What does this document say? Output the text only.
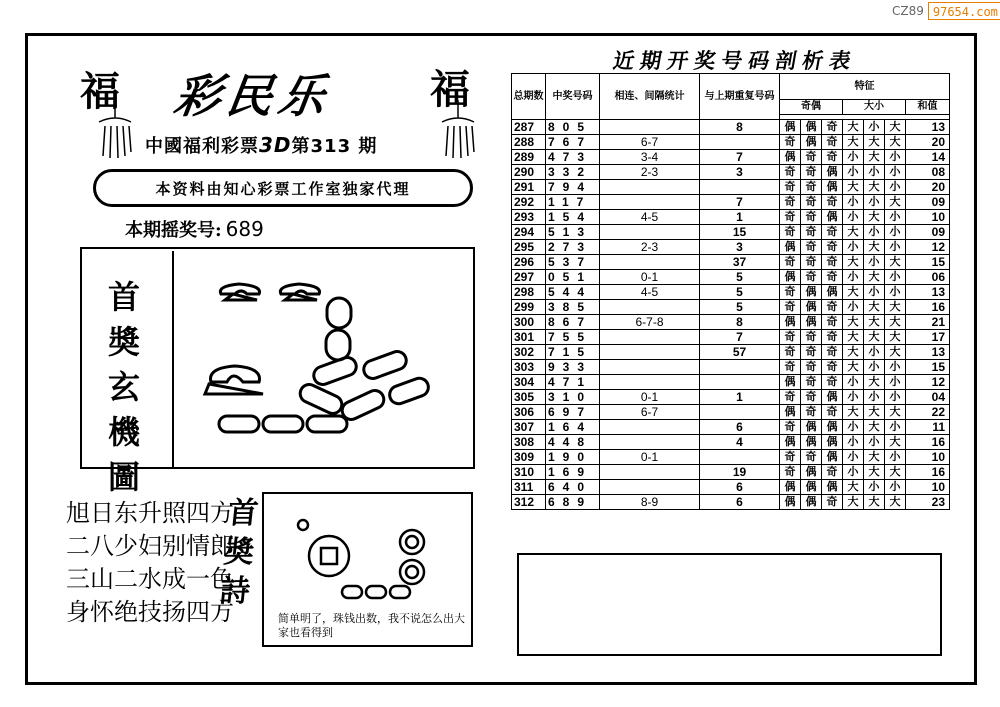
CZ89 97654.com
福	福
彩民乐
中國福利彩票3D第313 期
本资料由知心彩票工作室独家代理
本期摇奖号: 689
首
奬
玄
機
圖
旭日东升照四方
二八少妇别情郎
三山二水成一色
身怀绝技扬四方
首
奬
詩
简单明了，珠钱出数，我不说怎么出大家也看得到
近期开奖号码剖析表
总期数	中奖号码	相连、间隔统计	与上期重复号码	特征						
				奇偶			大小			和值

287	805		8	偶	偶	奇	大	小	大	13
288	767	6-7		奇	偶	奇	大	大	大	20
289	473	3-4	7	偶	奇	奇	小	大	小	14
290	332	2-3	3	奇	奇	偶	小	小	小	08
291	794			奇	奇	偶	大	大	小	20
292	117		7	奇	奇	奇	小	小	大	09
293	154	4-5	1	奇	奇	偶	小	大	小	10
294	513		15	奇	奇	奇	大	小	小	09
295	273	2-3	3	偶	奇	奇	小	大	小	12
296	537		37	奇	奇	奇	大	小	大	15
297	051	0-1	5	偶	奇	奇	小	大	小	06
298	544	4-5	5	奇	偶	偶	大	小	小	13
299	385		5	奇	偶	奇	小	大	大	16
300	867	6-7-8	8	偶	偶	奇	大	大	大	21
301	755		7	奇	奇	奇	大	大	大	17
302	715		57	奇	奇	奇	大	小	大	13
303	933			奇	奇	奇	大	小	小	15
304	471			偶	奇	奇	小	大	小	12
305	310	0-1	1	奇	奇	偶	小	小	小	04
306	697	6-7		偶	奇	奇	大	大	大	22
307	164		6	奇	偶	偶	小	大	小	11
308	448		4	偶	偶	偶	小	小	大	16
309	190	0-1		奇	奇	偶	小	大	小	10
310	169		19	奇	偶	奇	小	大	大	16
311	640		6	偶	偶	偶	大	小	小	10
312	689	8-9	6	偶	偶	奇	大	大	大	23
